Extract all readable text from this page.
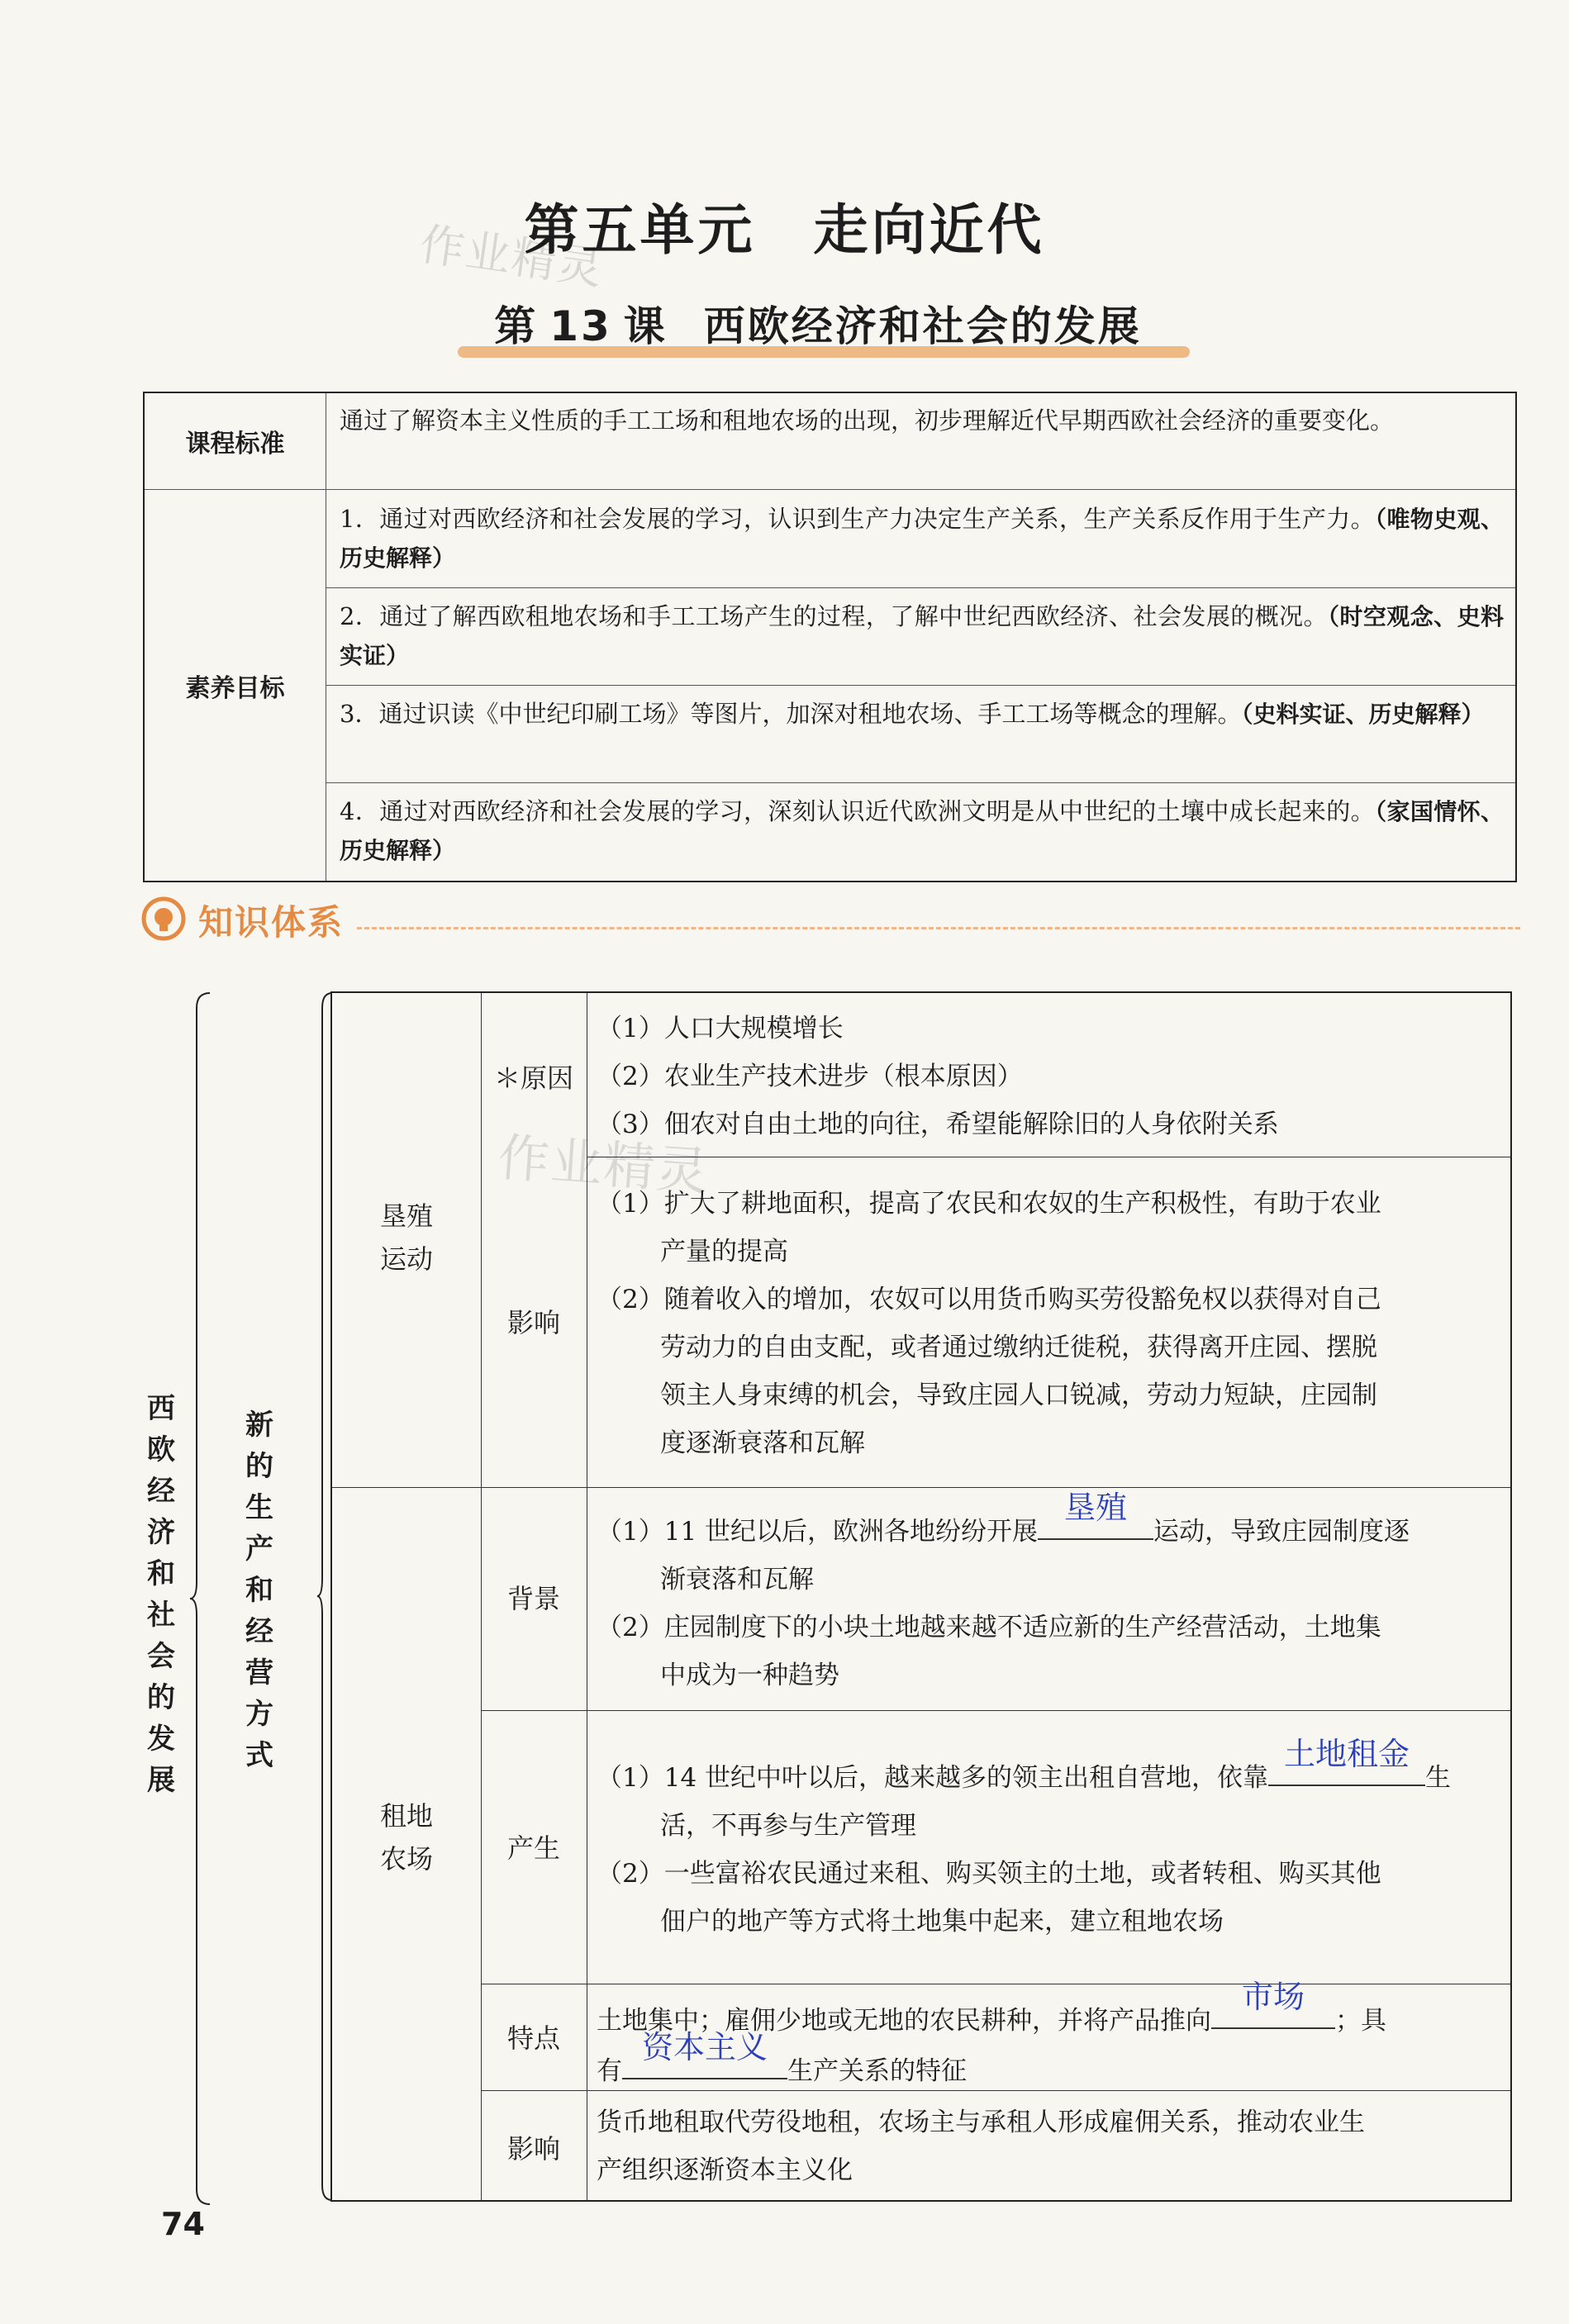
第五单元 走向近代
作业精灵
第 13 课 西欧经济和社会的发展
课程标准
通过了解资本主义性质的手工工场和租地农场的出现，初步理解近代早期西欧社会经济的重要变化。
素养目标
1．通过对西欧经济和社会发展的学习，认识到生产力决定生产关系，生产关系反作用于生产力。（唯物史观、历史解释）
2．通过了解西欧租地农场和手工工场产生的过程，了解中世纪西欧经济、社会发展的概况。（时空观念、史料实证）
3．通过识读《中世纪印刷工场》等图片，加深对租地农场、手工工场等概念的理解。（史料实证、历史解释）
4．通过对西欧经济和社会发展的学习，深刻认识近代欧洲文明是从中世纪的土壤中成长起来的。（家国情怀、历史解释）
知识体系
西
欧
经
济
和
社
会
的
发
展
新
的
生
产
和
经
营
方
式
垦殖
运动
＊原因
（1）人口大规模增长
（2）农业生产技术进步（根本原因）
（3）佃农对自由土地的向往，希望能解除旧的人身依附关系
影响
（1）扩大了耕地面积，提高了农民和农奴的生产积极性，有助于农业
产量的提高
（2）随着收入的增加，农奴可以用货币购买劳役豁免权以获得对自己
劳动力的自由支配，或者通过缴纳迁徙税，获得离开庄园、摆脱
领主人身束缚的机会，导致庄园人口锐减，劳动力短缺，庄园制
度逐渐衰落和瓦解
租地
农场
背景
（1）11 世纪以后，欧洲各地纷纷开展
垦殖
运动，导致庄园制度逐
渐衰落和瓦解
（2）庄园制度下的小块土地越来越不适应新的生产经营活动，土地集
中成为一种趋势
产生
（1）14 世纪中叶以后，越来越多的领主出租自营地，依靠
土地租金
生
活，不再参与生产管理
（2）一些富裕农民通过来租、购买领主的土地，或者转租、购买其他
佃户的地产等方式将土地集中起来，建立租地农场
特点
土地集中；雇佣少地或无地的农民耕种，并将产品推向
市场
；具
有
资本主义
生产关系的特征
影响
货币地租取代劳役地租，农场主与承租人形成雇佣关系，推动农业生
产组织逐渐资本主义化
作业精灵
74
